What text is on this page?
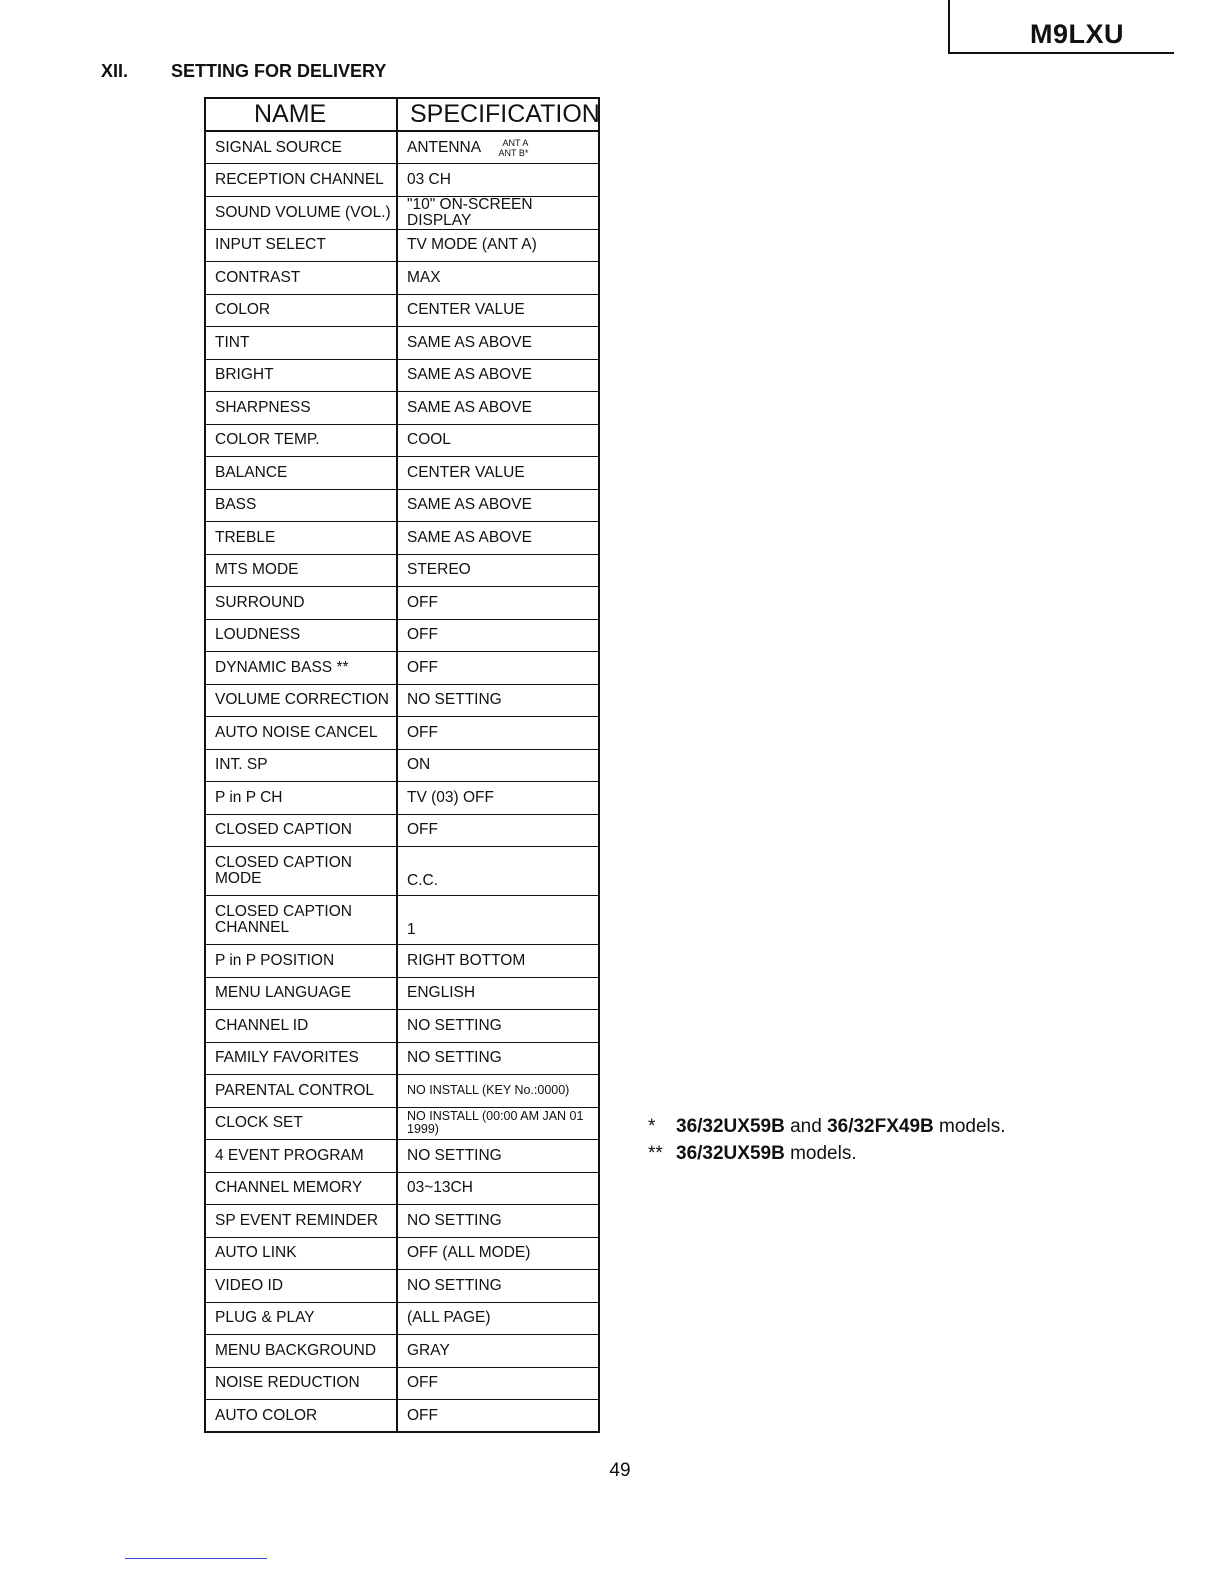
M9LXU
XII. SETTING FOR DELIVERY
NAME	SPECIFICATION
SIGNAL SOURCE	ANTENNA ANT A
ANT B*
RECEPTION CHANNEL	03 CH
SOUND VOLUME (VOL.)	"10" ON-SCREEN DISPLAY
INPUT SELECT	TV MODE (ANT A)
CONTRAST	MAX
COLOR	CENTER VALUE
TINT	SAME AS ABOVE
BRIGHT	SAME AS ABOVE
SHARPNESS	SAME AS ABOVE
COLOR TEMP.	COOL
BALANCE	CENTER VALUE
BASS	SAME AS ABOVE
TREBLE	SAME AS ABOVE
MTS MODE	STEREO
SURROUND	OFF
LOUDNESS	OFF
DYNAMIC BASS **	OFF
VOLUME CORRECTION	NO SETTING
AUTO NOISE CANCEL	OFF
INT. SP	ON
P in P CH	TV (03) OFF
CLOSED CAPTION	OFF
CLOSED CAPTION MODE	C.C.
CLOSED CAPTION CHANNEL	1
P in P POSITION	RIGHT BOTTOM
MENU LANGUAGE	ENGLISH
CHANNEL ID	NO SETTING
FAMILY FAVORITES	NO SETTING
PARENTAL CONTROL	NO INSTALL (KEY No.:0000)
CLOCK SET	NO INSTALL (00:00 AM JAN 01 1999)
4 EVENT PROGRAM	NO SETTING
CHANNEL MEMORY	03~13CH
SP EVENT REMINDER	NO SETTING
AUTO LINK	OFF (ALL MODE)
VIDEO ID	NO SETTING
PLUG & PLAY	(ALL PAGE)
MENU BACKGROUND	GRAY
NOISE REDUCTION	OFF
AUTO COLOR	OFF
*	36/32UX59B and 36/32FX49B models.
** 36/32UX59B models.
49
